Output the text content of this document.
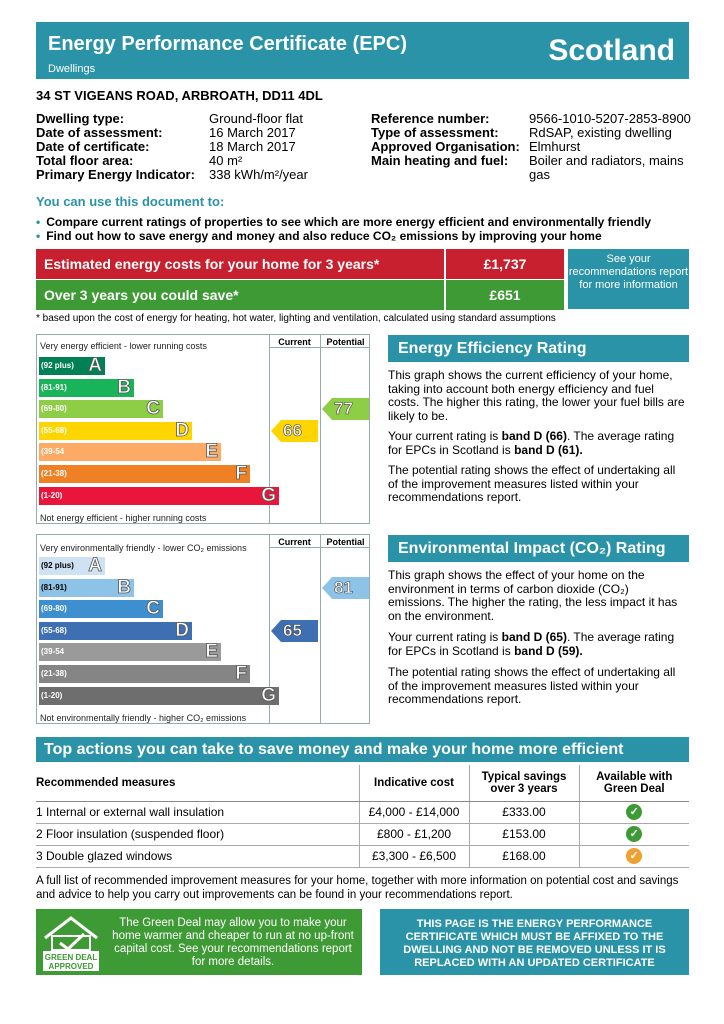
Energy Performance Certificate (EPC)
Dwellings
Scotland
34 ST VIGEANS ROAD, ARBROATH, DD11 4DL
Dwelling type:	Ground-floor flat
Date of assessment:	16 March 2017
Date of certificate:	18 March 2017
Total floor area:	40 m²
Primary Energy Indicator: 338 kWh/m²/year
Reference number:	9566-1010-5207-2853-8900
Type of assessment: RdSAP, existing dwelling
Approved Organisation: Elmhurst
Main heating and fuel: Boiler and radiators, mains
gas
You can use this document to:
• Compare current ratings of properties to see which are more energy efficient and environmentally friendly
• Find out how to save energy and money and also reduce CO₂ emissions by improving your home
Estimated energy costs for your home for 3 years*	£1,737
Over 3 years you could save*	£651
See your recommendations report for more information
* based upon the cost of energy for heating, hot water, lighting and ventilation, calculated using standard assumptions
Current	Potential
Very energy efficient - lower running costs
Not energy efficient - higher running costs
(92 plus) A
(81-91)	B
(69-80)	C
(55-68)	D
(39-54	E
(21-38)	F
(1-20)	G
66
77
Current	Potential
Very environmentally friendly - lower CO₂ emissions
Not environmentally friendly - higher CO₂ emissions
(92 plus) A
(81-91)	B
(69-80)	C
(55-68)	D
(39-54	E
(21-38)	F
(1-20)	G
65
81
Energy Efficiency Rating
This graph shows the current efficiency of your home, taking into account both energy efficiency and fuel costs. The higher this rating, the lower your fuel bills are likely to be.
Your current rating is band D (66). The average rating for EPCs in Scotland is band D (61).
The potential rating shows the effect of undertaking all of the improvement measures listed within your recommendations report.
Environmental Impact (CO₂) Rating
This graph shows the effect of your home on the environment in terms of carbon dioxide (CO₂) emissions. The higher the rating, the less impact it has on the environment.
Your current rating is band D (65). The average rating for EPCs in Scotland is band D (59).
The potential rating shows the effect of undertaking all of the improvement measures listed within your recommendations report.
Top actions you can take to save money and make your home more efficient
Recommended measures	Indicative cost	Typical savings over 3 years	Available with Green Deal
1 Internal or external wall insulation	£4,000 - £14,000	£333.00	✓
2 Floor insulation (suspended floor)	£800 - £1,200	£153.00	✓
3 Double glazed windows	£3,300 - £6,500	£168.00	✓
A full list of recommended improvement measures for your home, together with more information on potential cost and savings and advice to help you carry out improvements can be found in your recommendations report.
GREEN DEAL
APPROVED
The Green Deal may allow you to make your home warmer and cheaper to run at no up-front capital cost. See your recommendations report for more details.
THIS PAGE IS THE ENERGY PERFORMANCE CERTIFICATE WHICH MUST BE AFFIXED TO THE DWELLING AND NOT BE REMOVED UNLESS IT IS REPLACED WITH AN UPDATED CERTIFICATE
